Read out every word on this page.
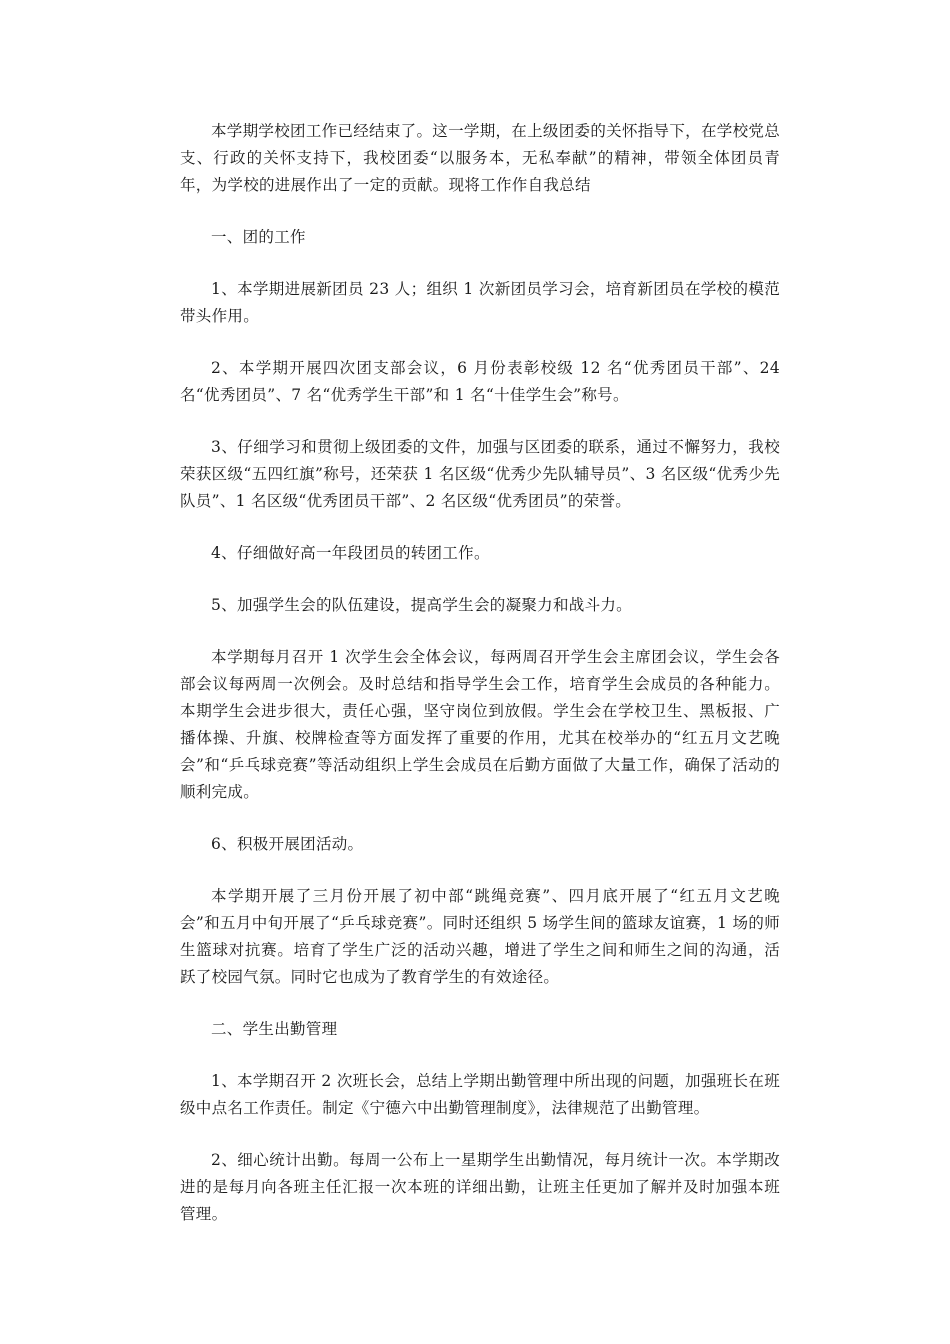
本学期学校团工作已经结束了。这一学期，在上级团委的关怀指导下，在学校党总支、行政的关怀支持下，我校团委“以服务本，无私奉献”的精神，带领全体团员青年，为学校的进展作出了一定的贡献。现将工作作自我总结

一、团的工作

1、本学期进展新团员 23 人；组织 1 次新团员学习会，培育新团员在学校的模范带头作用。

2、本学期开展四次团支部会议，6 月份表彰校级 12 名“优秀团员干部”、24 名“优秀团员”、7 名“优秀学生干部”和 1 名“十佳学生会”称号。

3、仔细学习和贯彻上级团委的文件，加强与区团委的联系，通过不懈努力，我校荣获区级“五四红旗”称号，还荣获 1 名区级“优秀少先队辅导员”、3 名区级“优秀少先队员”、1 名区级“优秀团员干部”、2 名区级“优秀团员”的荣誉。

4、仔细做好高一年段团员的转团工作。

5、加强学生会的队伍建设，提高学生会的凝聚力和战斗力。

本学期每月召开 1 次学生会全体会议，每两周召开学生会主席团会议，学生会各部会议每两周一次例会。及时总结和指导学生会工作，培育学生会成员的各种能力。本期学生会进步很大，责任心强，坚守岗位到放假。学生会在学校卫生、黑板报、广播体操、升旗、校牌检查等方面发挥了重要的作用，尤其在校举办的“红五月文艺晚会”和“乒乓球竞赛”等活动组织上学生会成员在后勤方面做了大量工作，确保了活动的顺利完成。

6、积极开展团活动。

本学期开展了三月份开展了初中部“跳绳竞赛”、四月底开展了“红五月文艺晚会”和五月中旬开展了“乒乓球竞赛”。同时还组织 5 场学生间的篮球友谊赛，1 场的师生篮球对抗赛。培育了学生广泛的活动兴趣，增进了学生之间和师生之间的沟通，活跃了校园气氛。同时它也成为了教育学生的有效途径。

二、学生出勤管理

1、本学期召开 2 次班长会，总结上学期出勤管理中所出现的问题，加强班长在班级中点名工作责任。制定《宁德六中出勤管理制度》，法律规范了出勤管理。

2、细心统计出勤。每周一公布上一星期学生出勤情况，每月统计一次。本学期改进的是每月向各班主任汇报一次本班的详细出勤，让班主任更加了解并及时加强本班管理。
